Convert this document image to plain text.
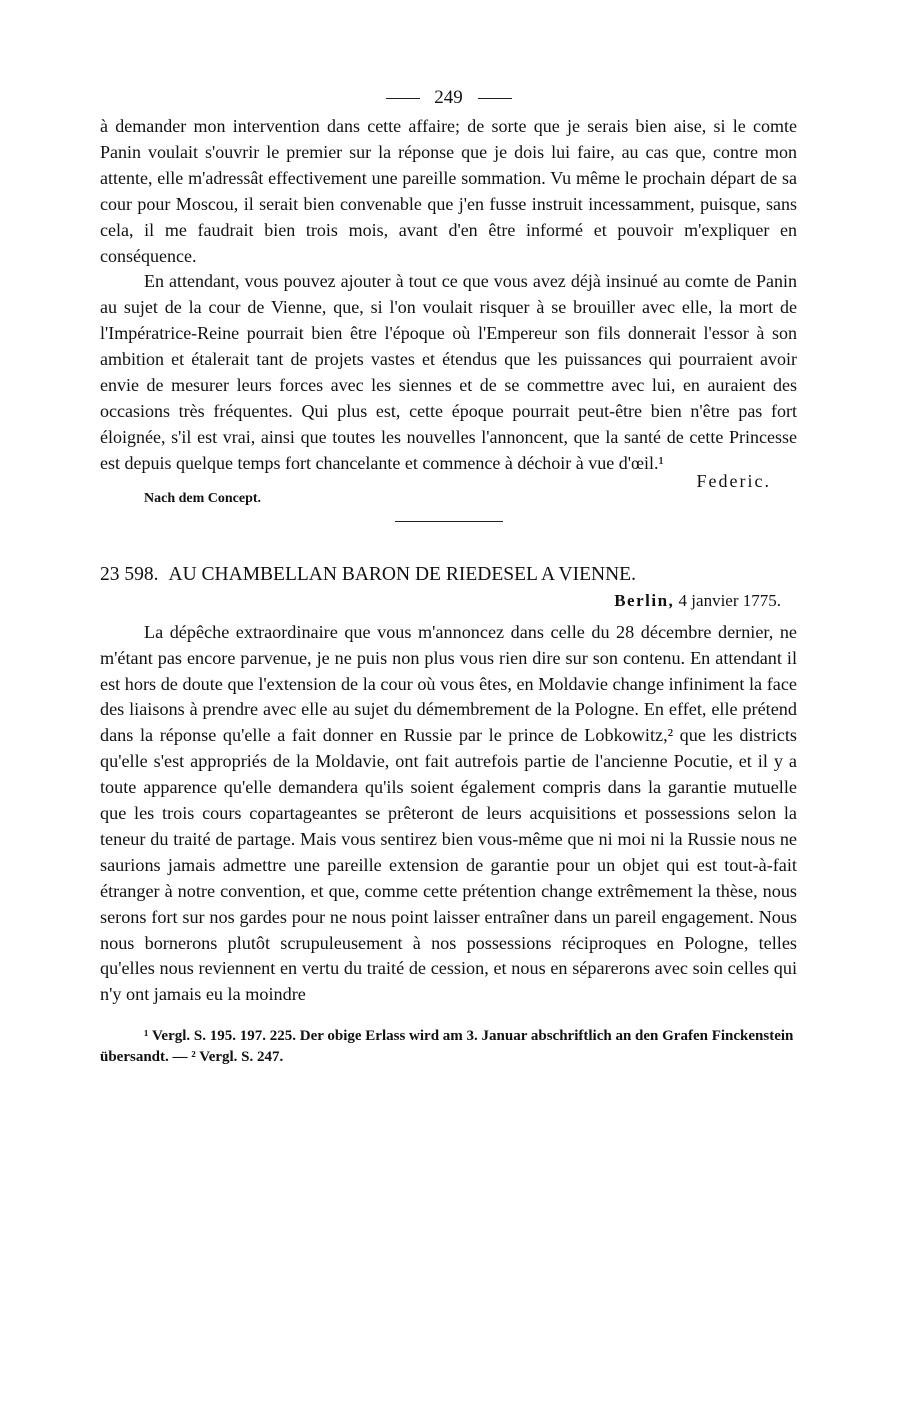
249

à demander mon intervention dans cette affaire; de sorte que je serais bien aise, si le comte Panin voulait s'ouvrir le premier sur la réponse que je dois lui faire, au cas que, contre mon attente, elle m'adressât effectivement une pareille sommation. Vu même le prochain départ de sa cour pour Moscou, il serait bien convenable que j'en fusse instruit incessamment, puisque, sans cela, il me faudrait bien trois mois, avant d'en être informé et pouvoir m'expliquer en conséquence.

En attendant, vous pouvez ajouter à tout ce que vous avez déjà insinué au comte de Panin au sujet de la cour de Vienne, que, si l'on voulait risquer à se brouiller avec elle, la mort de l'Impératrice-Reine pourrait bien être l'époque où l'Empereur son fils donnerait l'essor à son ambition et étalerait tant de projets vastes et étendus que les puissances qui pourraient avoir envie de mesurer leurs forces avec les siennes et de se commettre avec lui, en auraient des occasions très fréquentes. Qui plus est, cette époque pourrait peut-être bien n'être pas fort éloignée, s'il est vrai, ainsi que toutes les nouvelles l'annoncent, que la santé de cette Princesse est depuis quelque temps fort chancelante et commence à déchoir à vue d'œil.¹

Federic.
Nach dem Concept.
23 598. AU CHAMBELLAN BARON DE RIEDESEL A VIENNE.
Berlin, 4 janvier 1775.

La dépêche extraordinaire que vous m'annoncez dans celle du 28 décembre dernier, ne m'étant pas encore parvenue, je ne puis non plus vous rien dire sur son contenu. En attendant il est hors de doute que l'extension de la cour où vous êtes, en Moldavie change infiniment la face des liaisons à prendre avec elle au sujet du démembrement de la Pologne. En effet, elle prétend dans la réponse qu'elle a fait donner en Russie par le prince de Lobkowitz,² que les districts qu'elle s'est appropriés de la Moldavie, ont fait autrefois partie de l'ancienne Pocutie, et il y a toute apparence qu'elle demandera qu'ils soient également compris dans la garantie mutuelle que les trois cours copartageantes se prêteront de leurs acquisitions et possessions selon la teneur du traité de partage. Mais vous sentirez bien vous-même que ni moi ni la Russie nous ne saurions jamais admettre une pareille extension de garantie pour un objet qui est tout-à-fait étranger à notre convention, et que, comme cette prétention change extrêmement la thèse, nous serons fort sur nos gardes pour ne nous point laisser entraîner dans un pareil engagement. Nous nous bornerons plutôt scrupuleusement à nos possessions réciproques en Pologne, telles qu'elles nous reviennent en vertu du traité de cession, et nous en séparerons avec soin celles qui n'y ont jamais eu la moindre

¹ Vergl. S. 195. 197. 225. Der obige Erlass wird am 3. Januar abschriftlich an den Grafen Finckenstein übersandt. — ² Vergl. S. 247.
